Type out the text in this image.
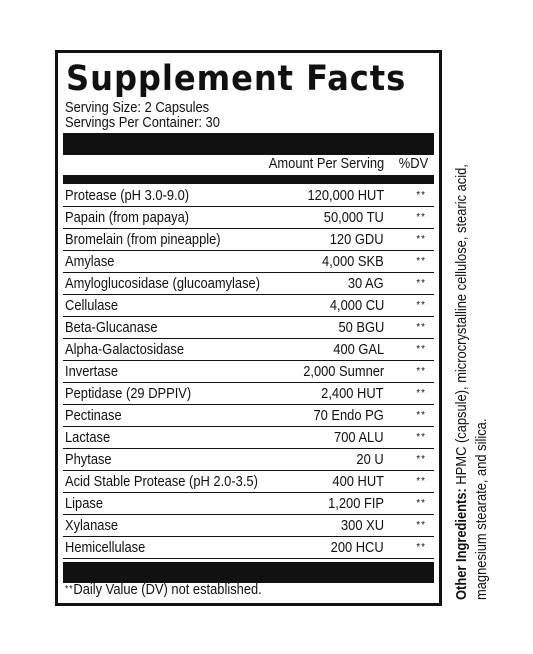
Supplement Facts
Serving Size: 2 Capsules
Servings Per Container: 30
Amount Per Serving %DV
Protease (pH 3.0-9.0)	120,000 HUT	**
Papain (from papaya)	50,000 TU	**
Bromelain (from pineapple)	120 GDU	**
Amylase	4,000 SKB	**
Amyloglucosidase (glucoamylase)	30 AG	**
Cellulase	4,000 CU	**
Beta-Glucanase	50 BGU	**
Alpha-Galactosidase	400 GAL	**
Invertase	2,000 Sumner	**
Peptidase (29 DPPIV)	2,400 HUT	**
Pectinase	70 Endo PG	**
Lactase	700 ALU	**
Phytase	20 U	**
Acid Stable Protease (pH 2.0-3.5)	400 HUT	**
Lipase	1,200 FIP	**
Xylanase	300 XU	**
Hemicellulase	200 HCU	**
**Daily Value (DV) not established.	Other Ingredients: HPMC (capsule), microcrystalline cellulose, stearic acid,
magnesium stearate, and silica.
